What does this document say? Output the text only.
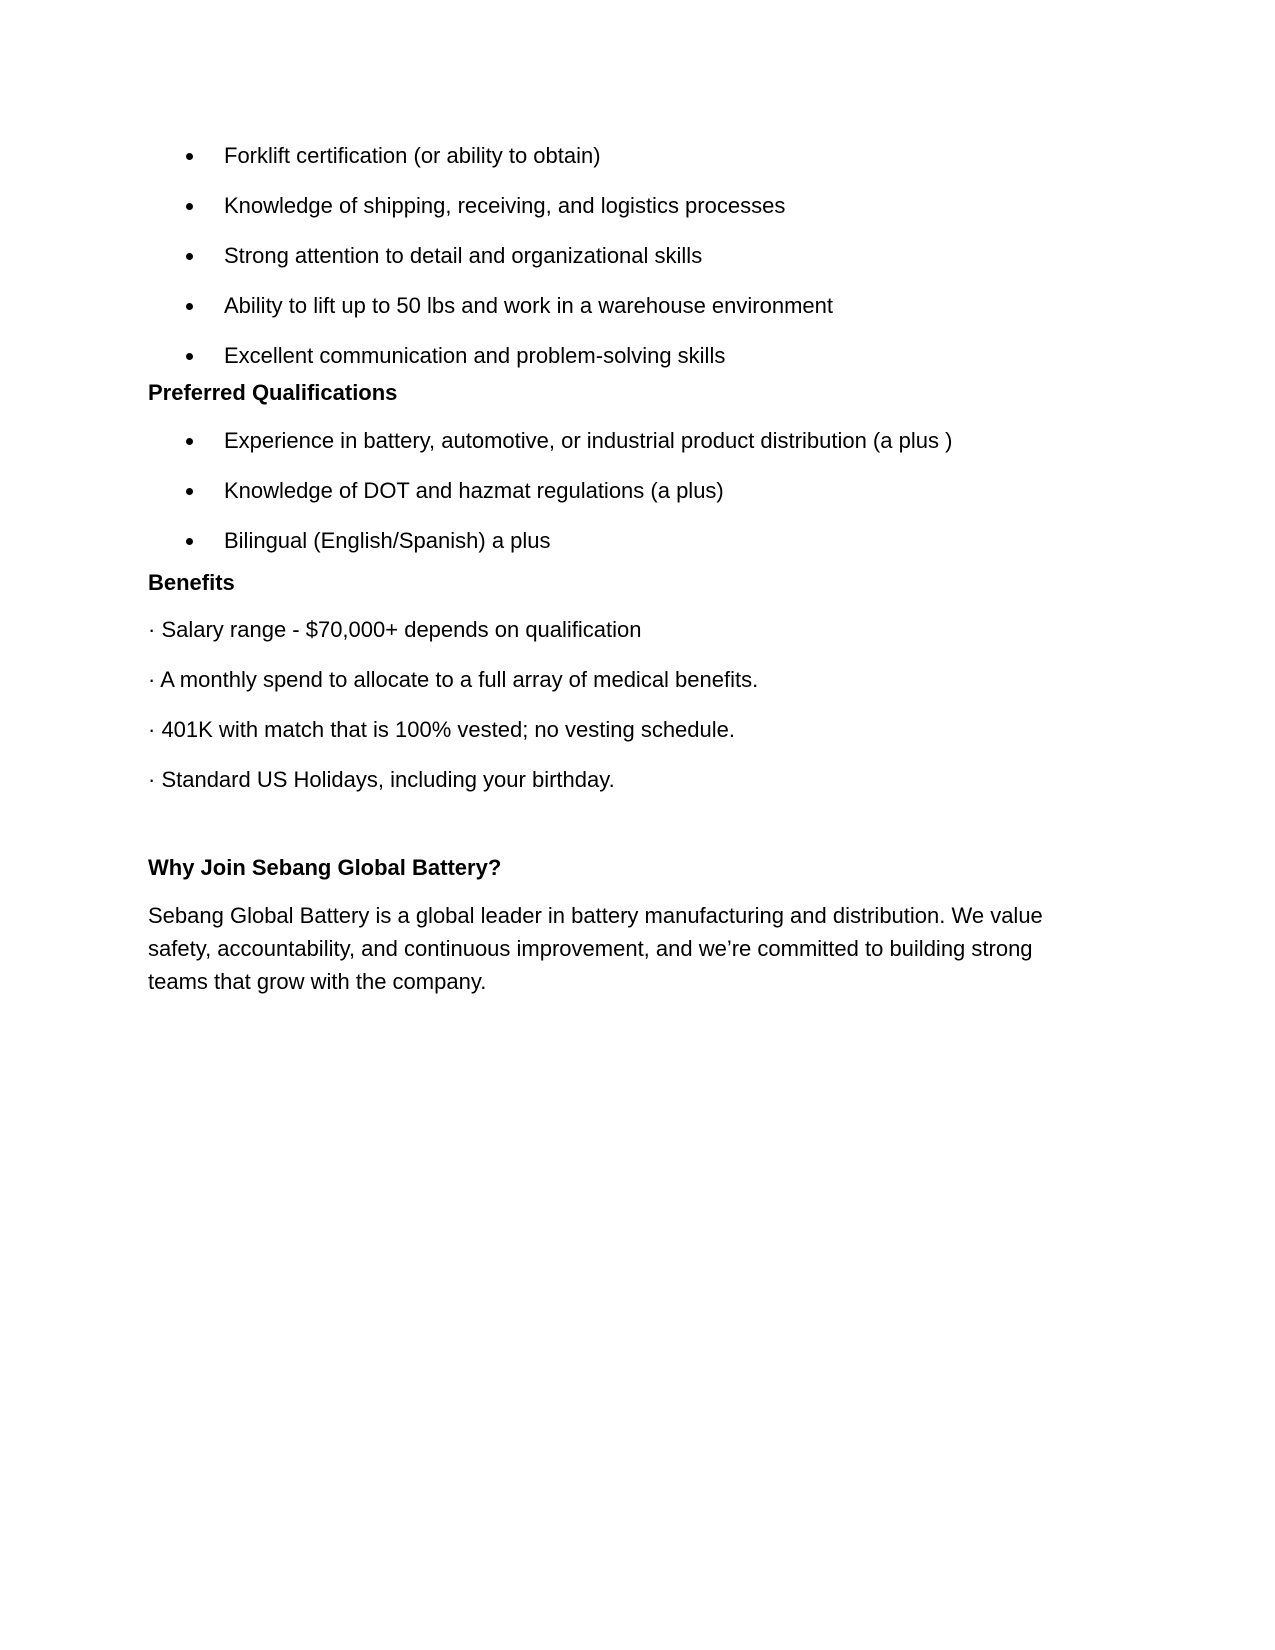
Forklift certification (or ability to obtain)
Knowledge of shipping, receiving, and logistics processes
Strong attention to detail and organizational skills
Ability to lift up to 50 lbs and work in a warehouse environment
Excellent communication and problem-solving skills
Preferred Qualifications
Experience in battery, automotive, or industrial product distribution (a plus )
Knowledge of DOT and hazmat regulations (a plus)
Bilingual (English/Spanish) a plus
Benefits
· Salary range - $70,000+ depends on qualification
· A monthly spend to allocate to a full array of medical benefits.
· 401K with match that is 100% vested; no vesting schedule.
· Standard US Holidays, including your birthday.
Why Join Sebang Global Battery?
Sebang Global Battery is a global leader in battery manufacturing and distribution. We value safety, accountability, and continuous improvement, and we’re committed to building strong teams that grow with the company.
